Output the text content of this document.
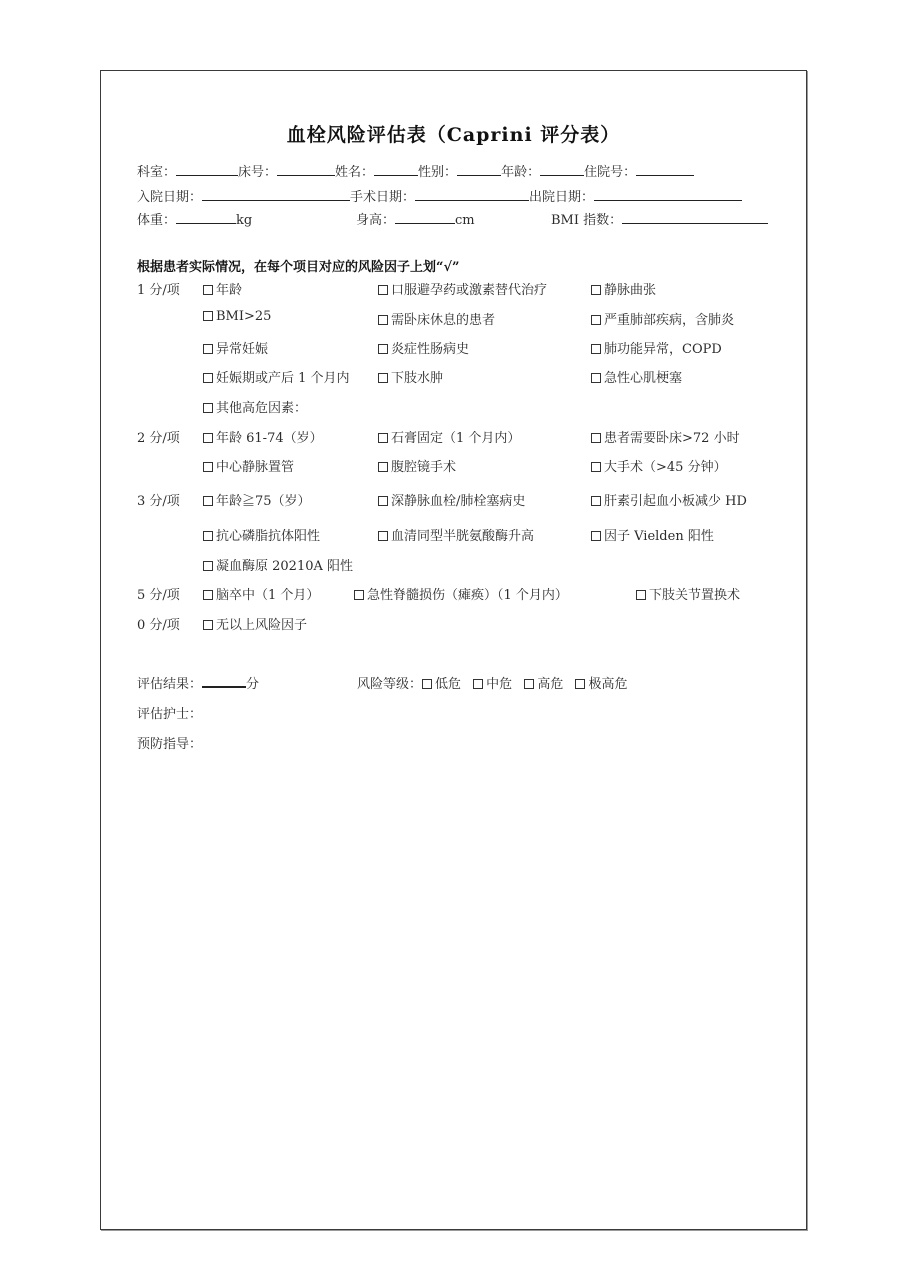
血栓风险评估表（Caprini 评分表）
科室：	床号：	姓名：	性别：	年龄：	住院号：
入院日期：	手术日期：	出院日期：
体重：	kg	身高：	cm	BMI 指数：
根据患者实际情况，在每个项目对应的风险因子上划“√”
1 分/项	年龄	口服避孕药或激素替代治疗	静脉曲张
BMI>25	需卧床休息的患者	严重肺部疾病，含肺炎
异常妊娠	炎症性肠病史	肺功能异常，COPD
妊娠期或产后 1 个月内	下肢水肿	急性心肌梗塞
其他高危因素：
2 分/项	年龄 61-74（岁）	石膏固定（1 个月内）	患者需要卧床>72 小时
中心静脉置管	腹腔镜手术	大手术（>45 分钟）
3 分/项	年龄≧75（岁）	深静脉血栓/肺栓塞病史	肝素引起血小板减少 HD
抗心磷脂抗体阳性	血清同型半胱氨酸酶升高	因子 Vielden 阳性
凝血酶原 20210A 阳性
5 分/项	脑卒中（1 个月）	急性脊髓损伤（瘫痪）（1 个月内）	下肢关节置换术
0 分/项	无以上风险因子
评估结果：	分	风险等级： 低危 中危 高危 极高危
评估护士：
预防指导：
